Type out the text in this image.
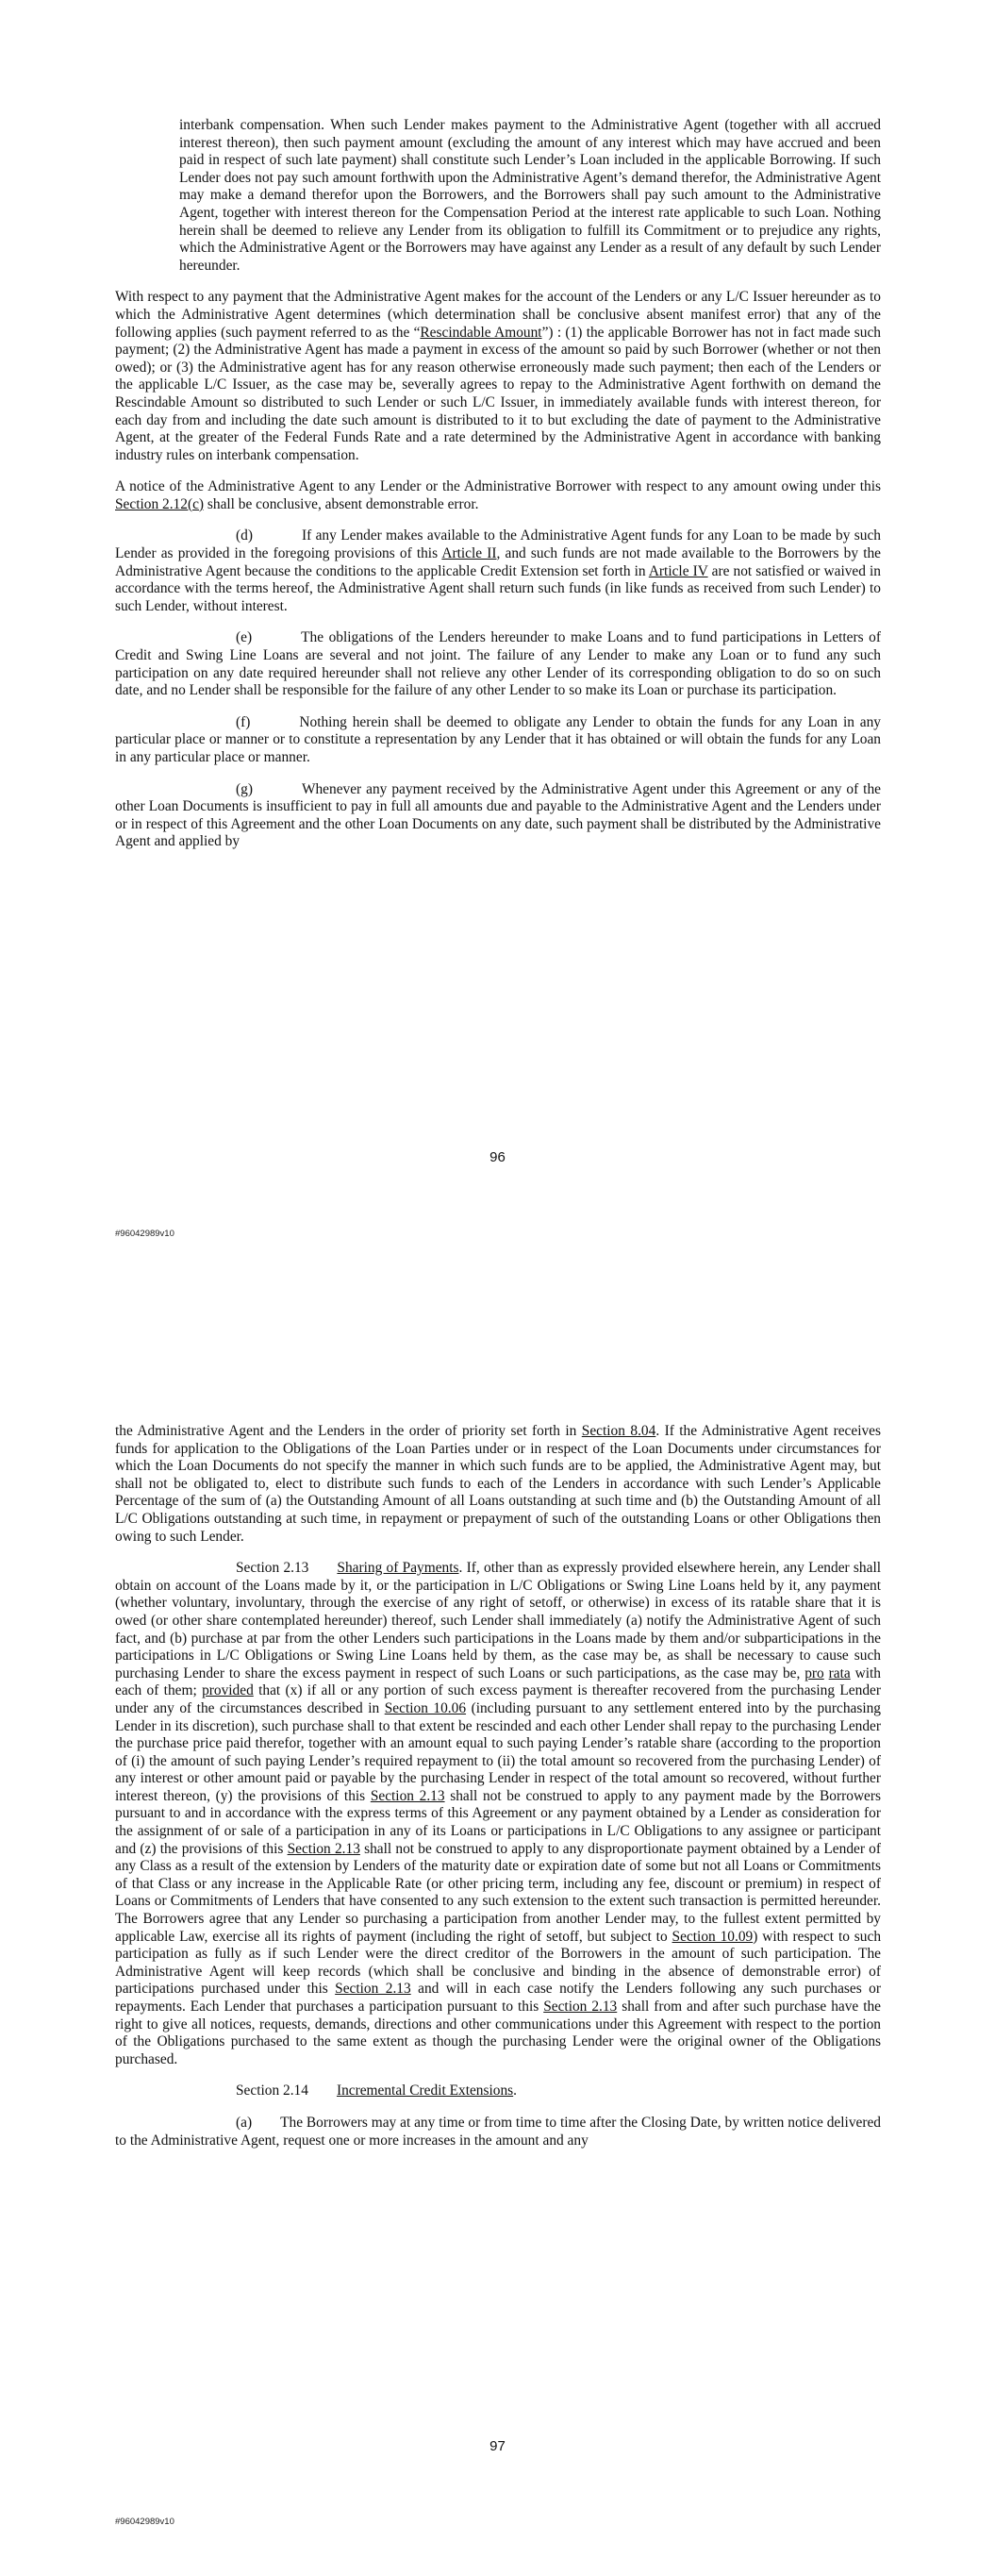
interbank compensation. When such Lender makes payment to the Administrative Agent (together with all accrued interest thereon), then such payment amount (excluding the amount of any interest which may have accrued and been paid in respect of such late payment) shall constitute such Lender’s Loan included in the applicable Borrowing. If such Lender does not pay such amount forthwith upon the Administrative Agent’s demand therefor, the Administrative Agent may make a demand therefor upon the Borrowers, and the Borrowers shall pay such amount to the Administrative Agent, together with interest thereon for the Compensation Period at the interest rate applicable to such Loan. Nothing herein shall be deemed to relieve any Lender from its obligation to fulfill its Commitment or to prejudice any rights, which the Administrative Agent or the Borrowers may have against any Lender as a result of any default by such Lender hereunder.

With respect to any payment that the Administrative Agent makes for the account of the Lenders or any L/C Issuer hereunder as to which the Administrative Agent determines (which determination shall be conclusive absent manifest error) that any of the following applies (such payment referred to as the “Rescindable Amount”) : (1) the applicable Borrower has not in fact made such payment; (2) the Administrative Agent has made a payment in excess of the amount so paid by such Borrower (whether or not then owed); or (3) the Administrative agent has for any reason otherwise erroneously made such payment; then each of the Lenders or the applicable L/C Issuer, as the case may be, severally agrees to repay to the Administrative Agent forthwith on demand the Rescindable Amount so distributed to such Lender or such L/C Issuer, in immediately available funds with interest thereon, for each day from and including the date such amount is distributed to it to but excluding the date of payment to the Administrative Agent, at the greater of the Federal Funds Rate and a rate determined by the Administrative Agent in accordance with banking industry rules on interbank compensation.

A notice of the Administrative Agent to any Lender or the Administrative Borrower with respect to any amount owing under this Section 2.12(c) shall be conclusive, absent demonstrable error.

(d)	If any Lender makes available to the Administrative Agent funds for any Loan to be made by such Lender as provided in the foregoing provisions of this Article II, and such funds are not made available to the Borrowers by the Administrative Agent because the conditions to the applicable Credit Extension set forth in Article IV are not satisfied or waived in accordance with the terms hereof, the Administrative Agent shall return such funds (in like funds as received from such Lender) to such Lender, without interest.

(e)	The obligations of the Lenders hereunder to make Loans and to fund participations in Letters of Credit and Swing Line Loans are several and not joint. The failure of any Lender to make any Loan or to fund any such participation on any date required hereunder shall not relieve any other Lender of its corresponding obligation to do so on such date, and no Lender shall be responsible for the failure of any other Lender to so make its Loan or purchase its participation.

(f)	Nothing herein shall be deemed to obligate any Lender to obtain the funds for any Loan in any particular place or manner or to constitute a representation by any Lender that it has obtained or will obtain the funds for any Loan in any particular place or manner.

(g)	Whenever any payment received by the Administrative Agent under this Agreement or any of the other Loan Documents is insufficient to pay in full all amounts due and payable to the Administrative Agent and the Lenders under or in respect of this Agreement and the other Loan Documents on any date, such payment shall be distributed by the Administrative Agent and applied by

96
#96042989v10

the Administrative Agent and the Lenders in the order of priority set forth in Section 8.04. If the Administrative Agent receives funds for application to the Obligations of the Loan Parties under or in respect of the Loan Documents under circumstances for which the Loan Documents do not specify the manner in which such funds are to be applied, the Administrative Agent may, but shall not be obligated to, elect to distribute such funds to each of the Lenders in accordance with such Lender’s Applicable Percentage of the sum of (a) the Outstanding Amount of all Loans outstanding at such time and (b) the Outstanding Amount of all L/C Obligations outstanding at such time, in repayment or prepayment of such of the outstanding Loans or other Obligations then owing to such Lender.

Section 2.13 Sharing of Payments. If, other than as expressly provided elsewhere herein, any Lender shall obtain on account of the Loans made by it, or the participation in L/C Obligations or Swing Line Loans held by it, any payment (whether voluntary, involuntary, through the exercise of any right of setoff, or otherwise) in excess of its ratable share that it is owed (or other share contemplated hereunder) thereof, such Lender shall immediately (a) notify the Administrative Agent of such fact, and (b) purchase at par from the other Lenders such participations in the Loans made by them and/or subparticipations in the participations in L/C Obligations or Swing Line Loans held by them, as the case may be, as shall be necessary to cause such purchasing Lender to share the excess payment in respect of such Loans or such participations, as the case may be, pro rata with each of them; provided that (x) if all or any portion of such excess payment is thereafter recovered from the purchasing Lender under any of the circumstances described in Section 10.06 (including pursuant to any settlement entered into by the purchasing Lender in its discretion), such purchase shall to that extent be rescinded and each other Lender shall repay to the purchasing Lender the purchase price paid therefor, together with an amount equal to such paying Lender’s ratable share (according to the proportion of (i) the amount of such paying Lender’s required repayment to (ii) the total amount so recovered from the purchasing Lender) of any interest or other amount paid or payable by the purchasing Lender in respect of the total amount so recovered, without further interest thereon, (y) the provisions of this Section 2.13 shall not be construed to apply to any payment made by the Borrowers pursuant to and in accordance with the express terms of this Agreement or any payment obtained by a Lender as consideration for the assignment of or sale of a participation in any of its Loans or participations in L/C Obligations to any assignee or participant and (z) the provisions of this Section 2.13 shall not be construed to apply to any disproportionate payment obtained by a Lender of any Class as a result of the extension by Lenders of the maturity date or expiration date of some but not all Loans or Commitments of that Class or any increase in the Applicable Rate (or other pricing term, including any fee, discount or premium) in respect of Loans or Commitments of Lenders that have consented to any such extension to the extent such transaction is permitted hereunder. The Borrowers agree that any Lender so purchasing a participation from another Lender may, to the fullest extent permitted by applicable Law, exercise all its rights of payment (including the right of setoff, but subject to Section 10.09) with respect to such participation as fully as if such Lender were the direct creditor of the Borrowers in the amount of such participation. The Administrative Agent will keep records (which shall be conclusive and binding in the absence of demonstrable error) of participations purchased under this Section 2.13 and will in each case notify the Lenders following any such purchases or repayments. Each Lender that purchases a participation pursuant to this Section 2.13 shall from and after such purchase have the right to give all notices, requests, demands, directions and other communications under this Agreement with respect to the portion of the Obligations purchased to the same extent as though the purchasing Lender were the original owner of the Obligations purchased.

Section 2.14 Incremental Credit Extensions.

(a) The Borrowers may at any time or from time to time after the Closing Date, by written notice delivered to the Administrative Agent, request one or more increases in the amount and any

97
#96042989v10
